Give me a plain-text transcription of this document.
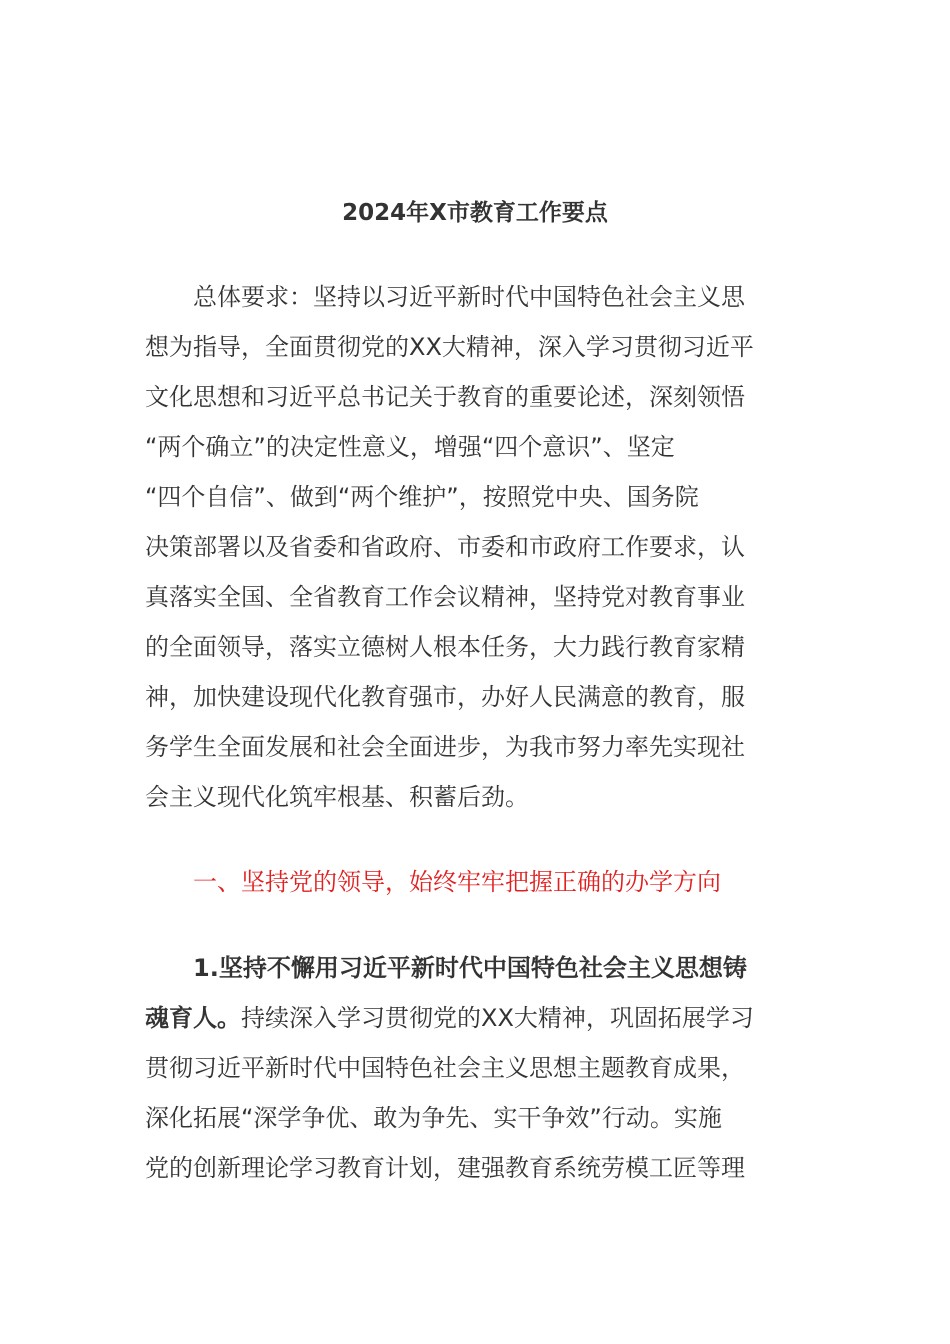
2024年X市教育工作要点
总体要求：坚持以习近平新时代中国特色社会主义思
想为指导，全面贯彻党的XX大精神，深入学习贯彻习近平
文化思想和习近平总书记关于教育的重要论述，深刻领悟
“两个确立”的决定性意义，增强“四个意识”、坚定
“四个自信”、做到“两个维护”，按照党中央、国务院
决策部署以及省委和省政府、市委和市政府工作要求，认
真落实全国、全省教育工作会议精神，坚持党对教育事业
的全面领导，落实立德树人根本任务，大力践行教育家精
神，加快建设现代化教育强市，办好人民满意的教育，服
务学生全面发展和社会全面进步，为我市努力率先实现社
会主义现代化筑牢根基、积蓄后劲。
一、坚持党的领导，始终牢牢把握正确的办学方向
1.坚持不懈用习近平新时代中国特色社会主义思想铸
魂育人。持续深入学习贯彻党的XX大精神，巩固拓展学习
贯彻习近平新时代中国特色社会主义思想主题教育成果，
深化拓展“深学争优、敢为争先、实干争效”行动。实施
党的创新理论学习教育计划，建强教育系统劳模工匠等理
